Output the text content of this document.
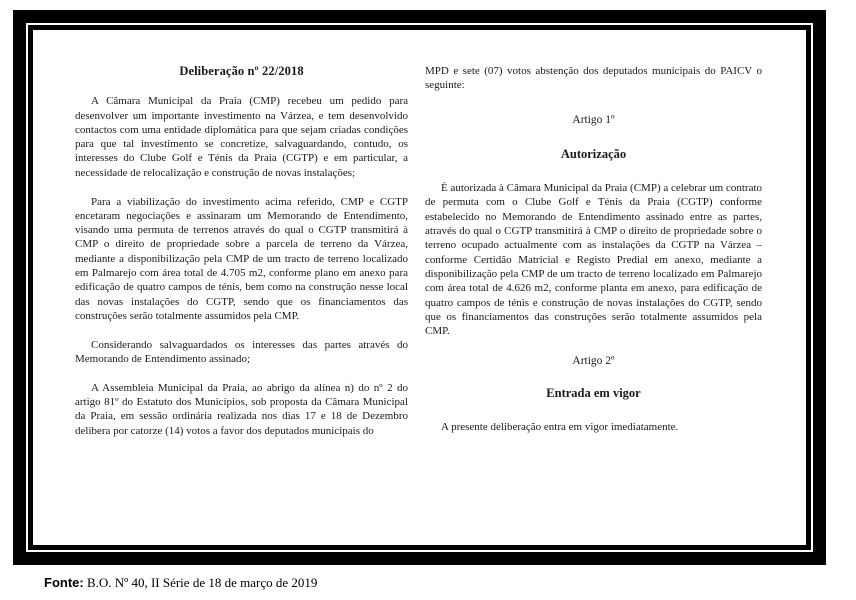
Deliberação nº 22/2018

A Câmara Municipal da Praia (CMP) recebeu um pedido para desenvolver um importante investimento na Várzea, e tem desenvolvido contactos com uma entidade diplomática para que sejam criadas condições para que tal investimento se concretize, salvaguardando, contudo, os interesses do Clube Golf e Ténis da Praia (CGTP) e em particular, a necessidade de relocalização e construção de novas instalações;

Para a viabilização do investimento acima referido, CMP e CGTP encetaram negociações e assinaram um Memorando de Entendimento, visando uma permuta de terrenos através do qual o CGTP transmitirá à CMP o direito de propriedade sobre a parcela de terreno da Várzea, mediante a disponibilização pela CMP de um tracto de terreno localizado em Palmarejo com área total de 4.705 m2, conforme plano em anexo para edificação de quatro campos de ténis, bem como na construção nesse local das novas instalações do CGTP, sendo que os financiamentos das construções serão totalmente assumidos pela CMP.

Considerando salvaguardados os interesses das partes através do Memorando de Entendimento assinado;

A Assembleia Municipal da Praia, ao abrigo da alínea n) do nº 2 do artigo 81º do Estatuto dos Municípios, sob proposta da Câmara Municipal da Praia, em sessão ordinária realizada nos dias 17 e 18 de Dezembro delibera por catorze (14) votos a favor dos deputados municipais do

MPD e sete (07) votos abstenção dos deputados municipais do PAICV o seguinte:

Artigo 1º
Autorização

É autorizada à Câmara Municipal da Praia (CMP) a celebrar um contrato de permuta com o Clube Golf e Ténis da Praia (CGTP) conforme estabelecido no Memorando de Entendimento assinado entre as partes, através do qual o CGTP transmitirá à CMP o direito de propriedade sobre o terreno ocupado actualmente com as instalações da CGTP na Várzea – conforme Certidão Matricial e Registo Predial em anexo, mediante a disponibilização pela CMP de um tracto de terreno localizado em Palmarejo com área total de 4.626 m2, conforme planta em anexo, para edificação de quatro campos de ténis e construção de novas instalações do CGTP, sendo que os financiamentos das construções serão totalmente assumidos pela CMP.

Artigo 2º
Entrada em vigor

A presente deliberação entra em vigor imediatamente.

Fonte: B.O. Nº 40, II Série de 18 de março de 2019
